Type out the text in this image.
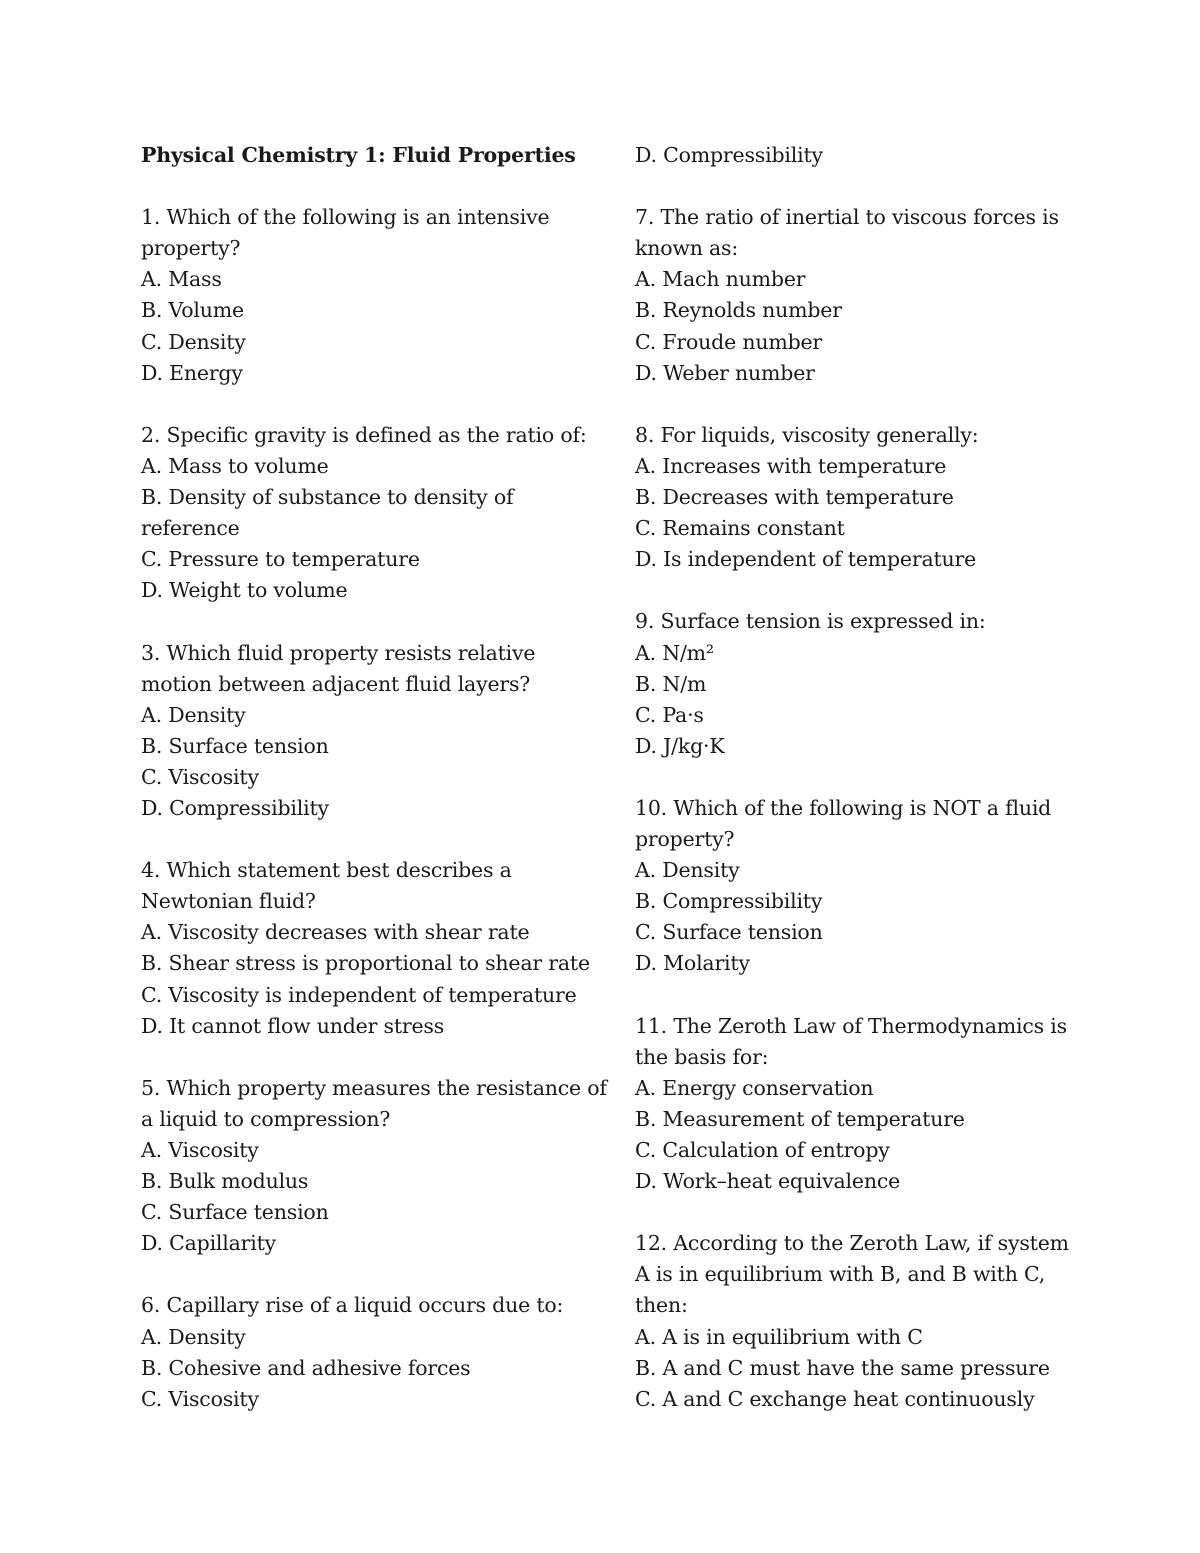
Physical Chemistry 1: Fluid Properties
1. Which of the following is an intensive
property?
A. Mass
B. Volume
C. Density
D. Energy
2. Specific gravity is defined as the ratio of:
A. Mass to volume
B. Density of substance to density of
reference
C. Pressure to temperature
D. Weight to volume
3. Which fluid property resists relative
motion between adjacent fluid layers?
A. Density
B. Surface tension
C. Viscosity
D. Compressibility
4. Which statement best describes a
Newtonian fluid?
A. Viscosity decreases with shear rate
B. Shear stress is proportional to shear rate
C. Viscosity is independent of temperature
D. It cannot flow under stress
5. Which property measures the resistance of
a liquid to compression?
A. Viscosity
B. Bulk modulus
C. Surface tension
D. Capillarity
6. Capillary rise of a liquid occurs due to:
A. Density
B. Cohesive and adhesive forces
C. Viscosity
D. Compressibility
7. The ratio of inertial to viscous forces is
known as:
A. Mach number
B. Reynolds number
C. Froude number
D. Weber number
8. For liquids, viscosity generally:
A. Increases with temperature
B. Decreases with temperature
C. Remains constant
D. Is independent of temperature
9. Surface tension is expressed in:
A. N/m²
B. N/m
C. Pa·s
D. J/kg·K
10. Which of the following is NOT a fluid
property?
A. Density
B. Compressibility
C. Surface tension
D. Molarity
11. The Zeroth Law of Thermodynamics is
the basis for:
A. Energy conservation
B. Measurement of temperature
C. Calculation of entropy
D. Work–heat equivalence
12. According to the Zeroth Law, if system
A is in equilibrium with B, and B with C,
then:
A. A is in equilibrium with C
B. A and C must have the same pressure
C. A and C exchange heat continuously
